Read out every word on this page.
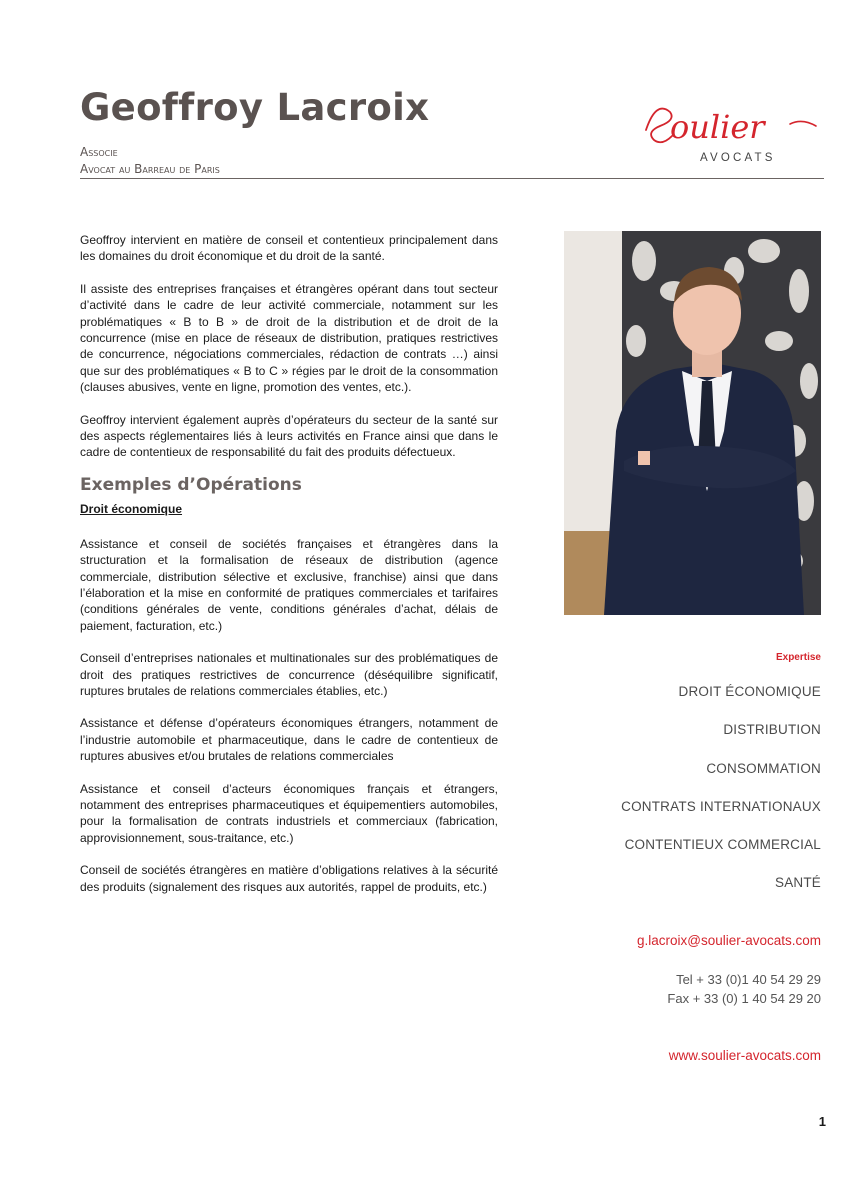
Geoffroy Lacroix
Associe
Avocat au Barreau de Paris
oulier
AVOCATS

Geoffroy intervient en matière de conseil et contentieux principalement dans les domaines du droit économique et du droit de la santé.

Il assiste des entreprises françaises et étrangères opérant dans tout secteur d’activité dans le cadre de leur activité commerciale, notamment sur les problématiques « B to B » de droit de la distribution et de droit de la concurrence (mise en place de réseaux de distribution, pratiques restrictives de concurrence, négociations commerciales, rédaction de contrats …) ainsi que sur des problématiques « B to C » régies par le droit de la consommation (clauses abusives, vente en ligne, promotion des ventes, etc.).

Geoffroy intervient également auprès d’opérateurs du secteur de la santé sur des aspects réglementaires liés à leurs activités en France ainsi que dans le cadre de contentieux de responsabilité du fait des produits défectueux.

Exemples d’Opérations
Droit économique

Assistance et conseil de sociétés françaises et étrangères dans la structuration et la formalisation de réseaux de distribution (agence commerciale, distribution sélective et exclusive, franchise) ainsi que dans l’élaboration et la mise en conformité de pratiques commerciales et tarifaires (conditions générales de vente, conditions générales d’achat, délais de paiement, facturation, etc.)

Conseil d’entreprises nationales et multinationales sur des problématiques de droit des pratiques restrictives de concurrence (déséquilibre significatif, ruptures brutales de relations commerciales établies, etc.)

Assistance et défense d’opérateurs économiques étrangers, notamment de l’industrie automobile et pharmaceutique, dans le cadre de contentieux de ruptures abusives et/ou brutales de relations commerciales

Assistance et conseil d’acteurs économiques français et étrangers, notamment des entreprises pharmaceutiques et équipementiers automobiles, pour la formalisation de contrats industriels et commerciaux (fabrication, approvisionnement, sous-traitance, etc.)

Conseil de sociétés étrangères en matière d’obligations relatives à la sécurité des produits (signalement des risques aux autorités, rappel de produits, etc.)

Expertise
DROIT ÉCONOMIQUE
DISTRIBUTION
CONSOMMATION
CONTRATS INTERNATIONAUX
CONTENTIEUX COMMERCIAL
SANTÉ
g.lacroix@soulier-avocats.com
Tel + 33 (0)1 40 54 29 29
Fax + 33 (0) 1 40 54 29 20
www.soulier-avocats.com
1
